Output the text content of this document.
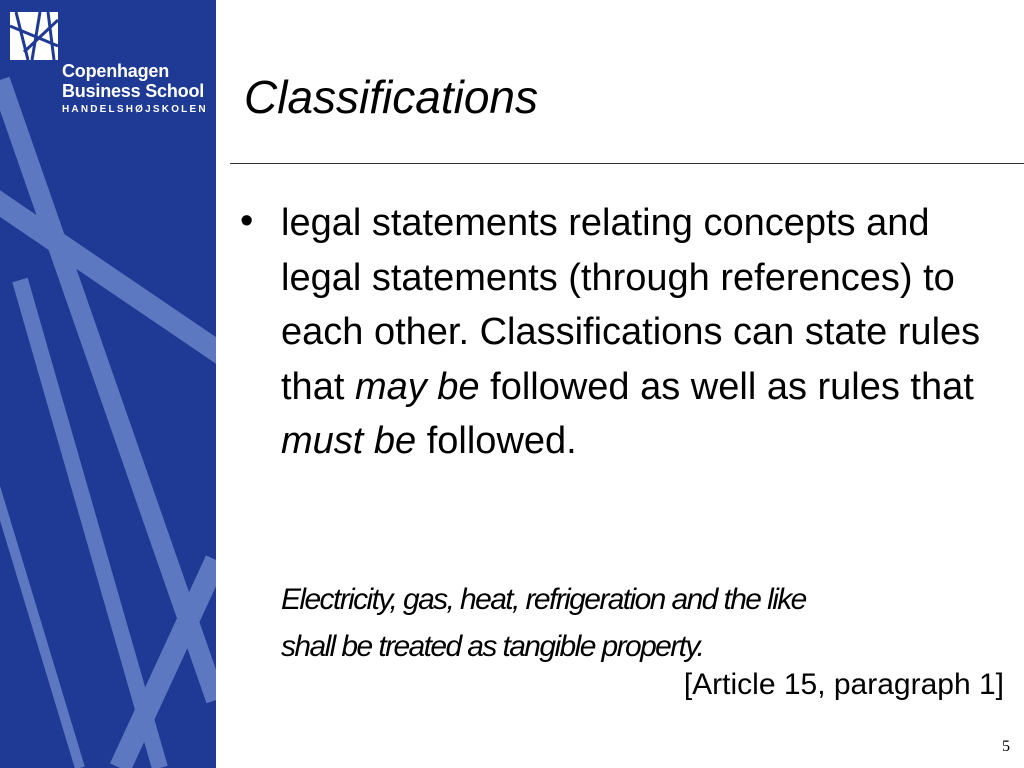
Copenhagen
Business School
HANDELSHØJSKOLEN Classifications
• legal statements relating concepts and legal statements (through references) to each other. Classifications can state rules that may be followed as well as rules that must be followed.
Electricity, gas, heat, refrigeration and the like
shall be treated as tangible property.
[Article 15, paragraph 1]
5
